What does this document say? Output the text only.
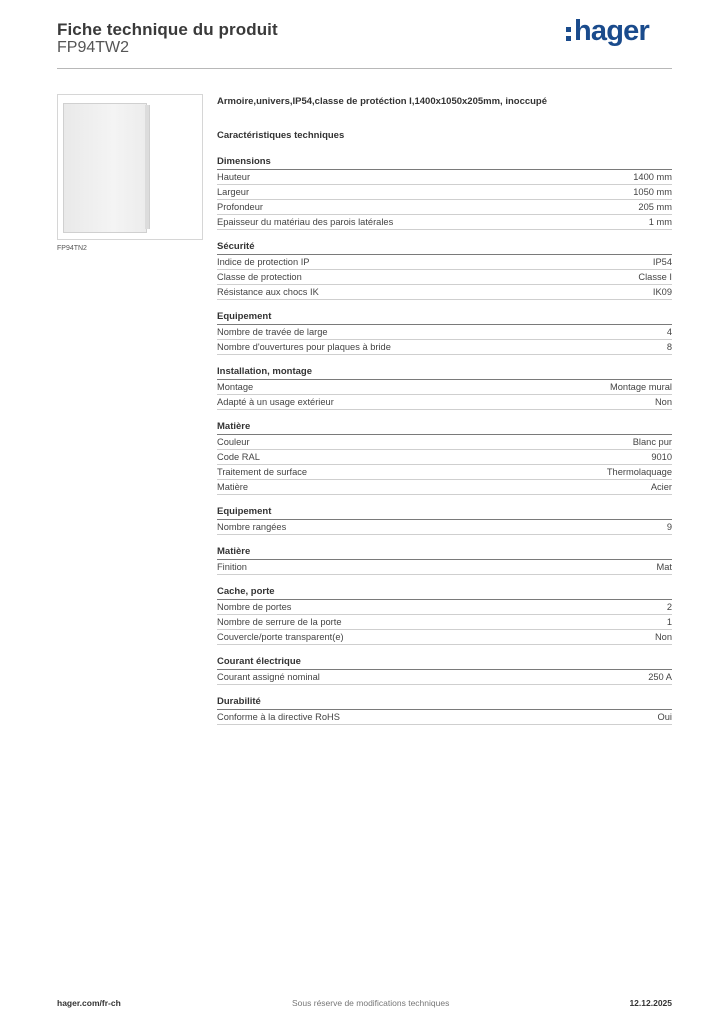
Fiche technique du produit
FP94TW2
hager
FP94TN2
Armoire,univers,IP54,classe de protéction I,1400x1050x205mm, inoccupé
Caractéristiques techniques
Dimensions
Hauteur	1400 mm
Largeur	1050 mm
Profondeur	205 mm
Epaisseur du matériau des parois latérales	1 mm
Sécurité
Indice de protection IP	IP54
Classe de protection	Classe I
Résistance aux chocs IK	IK09
Equipement
Nombre de travée de large	4
Nombre d'ouvertures pour plaques à bride	8
Installation, montage
Montage	Montage mural
Adapté à un usage extérieur	Non
Matière
Couleur	Blanc pur
Code RAL	9010
Traitement de surface	Thermolaquage
Matière	Acier
Equipement
Nombre rangées	9
Matière
Finition	Mat
Cache, porte
Nombre de portes	2
Nombre de serrure de la porte	1
Couvercle/porte transparent(e)	Non
Courant électrique
Courant assigné nominal	250 A
Durabilité
Conforme à la directive RoHS	Oui
hager.com/fr-ch	Sous réserve de modifications techniques	12.12.2025
